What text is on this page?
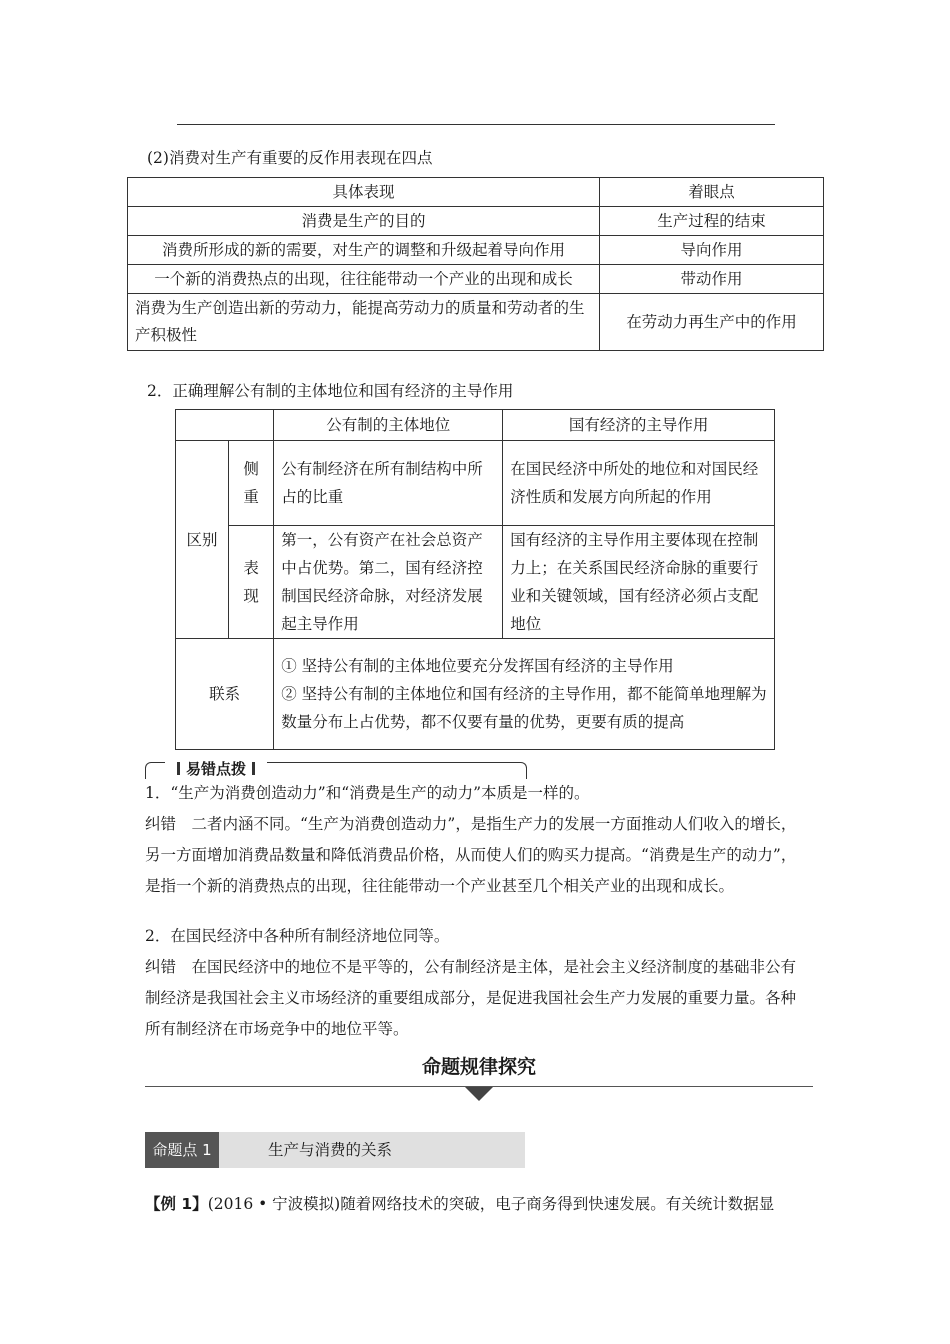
(2)消费对生产有重要的反作用表现在四点
具体表现	着眼点
消费是生产的目的	生产过程的结束
消费所形成的新的需要，对生产的调整和升级起着导向作用	导向作用
一个新的消费热点的出现，往往能带动一个产业的出现和成长	带动作用
消费为生产创造出新的劳动力，能提高劳动力的质量和劳动者的生产积极性	在劳动力再生产中的作用
2．正确理解公有制的主体地位和国有经济的主导作用
		公有制的主体地位	国有经济的主导作用
区别	侧重	公有制经济在所有制结构中所占的比重	在国民经济中所处的地位和对国民经济性质和发展方向所起的作用
	表现	第一，公有资产在社会总资产中占优势。第二，国有经济控制国民经济命脉，对经济发展起主导作用	国有经济的主导作用主要体现在控制力上；在关系国民经济命脉的重要行业和关键领域，国有经济必须占支配地位
联系		① 坚持公有制的主体地位要充分发挥国有经济的主导作用
② 坚持公有制的主体地位和国有经济的主导作用，都不能简单地理解为数量分布上占优势，都不仅要有量的优势，更要有质的提高	
易错点拨
1．“生产为消费创造动力”和“消费是生产的动力”本质是一样的。
纠错　二者内涵不同。“生产为消费创造动力”，是指生产力的发展一方面推动人们收入的增长，另一方面增加消费品数量和降低消费品价格，从而使人们的购买力提高。“消费是生产的动力”，是指一个新的消费热点的出现，往往能带动一个产业甚至几个相关产业的出现和成长。
2．在国民经济中各种所有制经济地位同等。
纠错　在国民经济中的地位不是平等的，公有制经济是主体，是社会主义经济制度的基础非公有制经济是我国社会主义市场经济的重要组成部分，是促进我国社会生产力发展的重要力量。各种所有制经济在市场竞争中的地位平等。
命题规律探究
命题点 1	生产与消费的关系
【例 1】(2016 • 宁波模拟)随着网络技术的突破，电子商务得到快速发展。有关统计数据显
